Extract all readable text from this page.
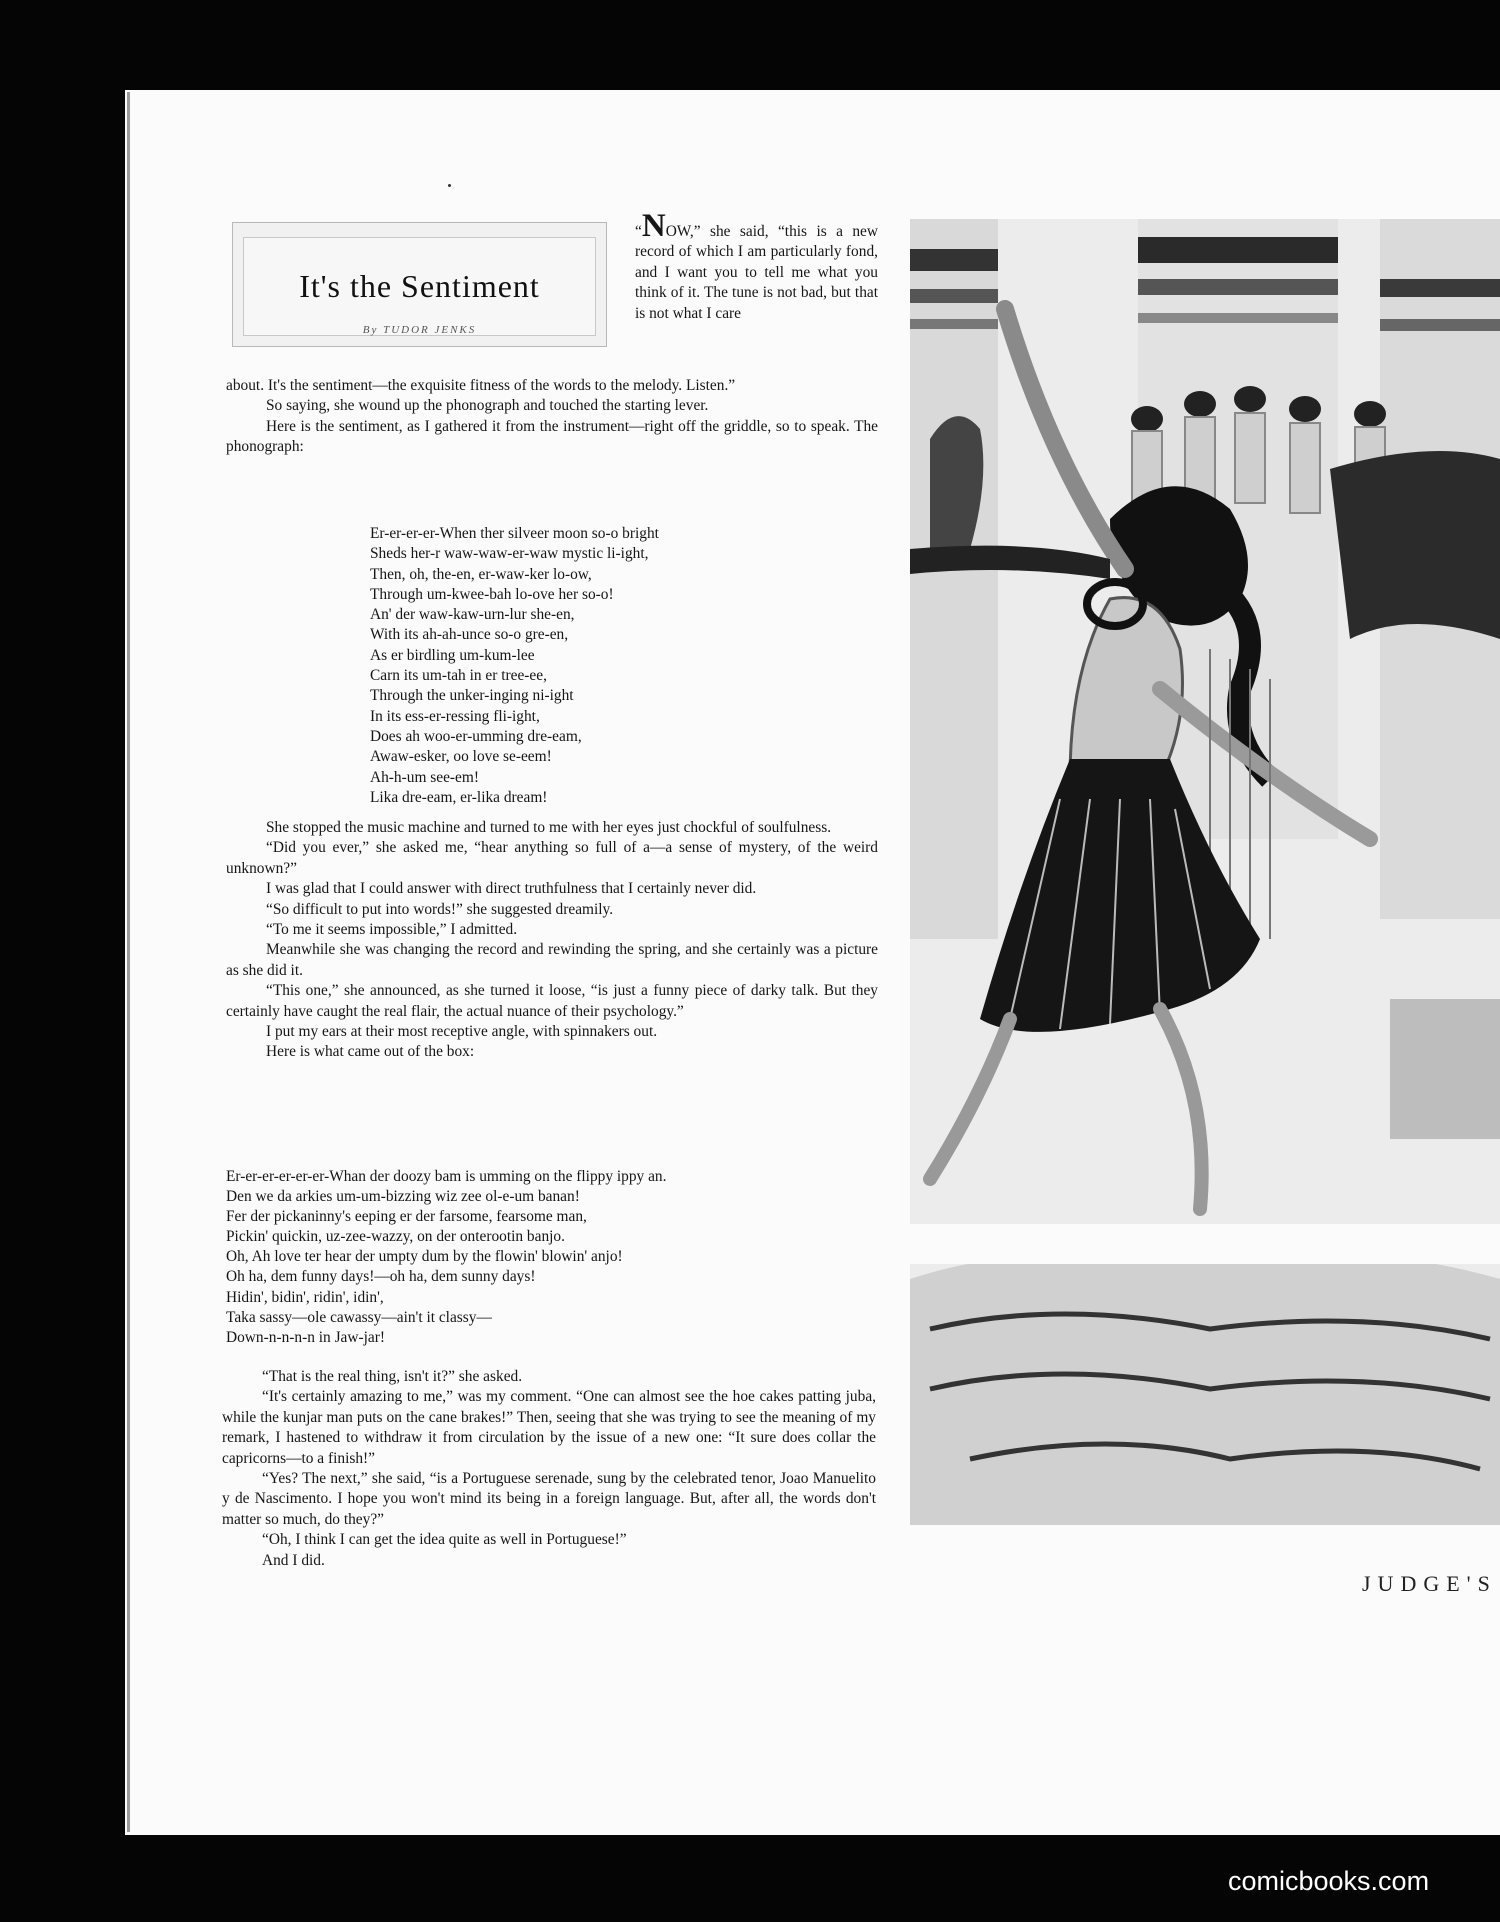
It's the Sentiment
By TUDOR JENKS

“NOW,” she said, “this is a new record of which I am particularly fond, and I want you to tell me what you think of it. The tune is not bad, but that is not what I care

about. It's the sentiment—the exquisite fitness of the words to the melody. Listen.”

So saying, she wound up the phonograph and touched the starting lever.

Here is the sentiment, as I gathered it from the instrument—right off the griddle, so to speak. The phonograph:

Er-er-er-er-When ther silveer moon so-o bright
Sheds her-r waw-waw-er-waw mystic li-ight,
Then, oh, the-en, er-waw-ker lo-ow,
Through um-kwee-bah lo-ove her so-o!
An' der waw-kaw-urn-lur she-en,
With its ah-ah-unce so-o gre-en,
As er birdling um-kum-lee
Carn its um-tah in er tree-ee,
Through the unker-inging ni-ight
In its ess-er-ressing fli-ight,
Does ah woo-er-umming dre-eam,
Awaw-esker, oo love se-eem!
Ah-h-um see-em!
Lika dre-eam, er-lika dream!

She stopped the music machine and turned to me with her eyes just chockful of soulfulness.

“Did you ever,” she asked me, “hear anything so full of a—a sense of mystery, of the weird unknown?”

I was glad that I could answer with direct truthfulness that I certainly never did.

“So difficult to put into words!” she suggested dreamily.

“To me it seems impossible,” I admitted.

Meanwhile she was changing the record and rewinding the spring, and she certainly was a picture as she did it.

“This one,” she announced, as she turned it loose, “is just a funny piece of darky talk. But they certainly have caught the real flair, the actual nuance of their psychology.”

I put my ears at their most receptive angle, with spinnakers out.

Here is what came out of the box:

Er-er-er-er-er-er-Whan der doozy bam is umming on the flippy ippy an.
Den we da arkies um-um-bizzing wiz zee ol-e-um banan!
Fer der pickaninny's eeping er der farsome, fearsome man,
Pickin' quickin, uz-zee-wazzy, on der onterootin banjo.
Oh, Ah love ter hear der umpty dum by the flowin' blowin' anjo!
Oh ha, dem funny days!—oh ha, dem sunny days!
Hidin', bidin', ridin', idin',
Taka sassy—ole cawassy—ain't it classy—
Down-n-n-n-n in Jaw-jar!

“That is the real thing, isn't it?” she asked.

“It's certainly amazing to me,” was my comment. “One can almost see the hoe cakes patting juba, while the kunjar man puts on the cane brakes!” Then, seeing that she was trying to see the meaning of my remark, I hastened to withdraw it from circulation by the issue of a new one: “It sure does collar the capricorns—to a finish!”

“Yes? The next,” she said, “is a Portuguese serenade, sung by the celebrated tenor, Joao Manuelito y de Nascimento. I hope you won't mind its being in a foreign language. But, after all, the words don't matter so much, do they?”

“Oh, I think I can get the idea quite as well in Portuguese!”

And I did.

JUDGE'S
comicbooks.com
